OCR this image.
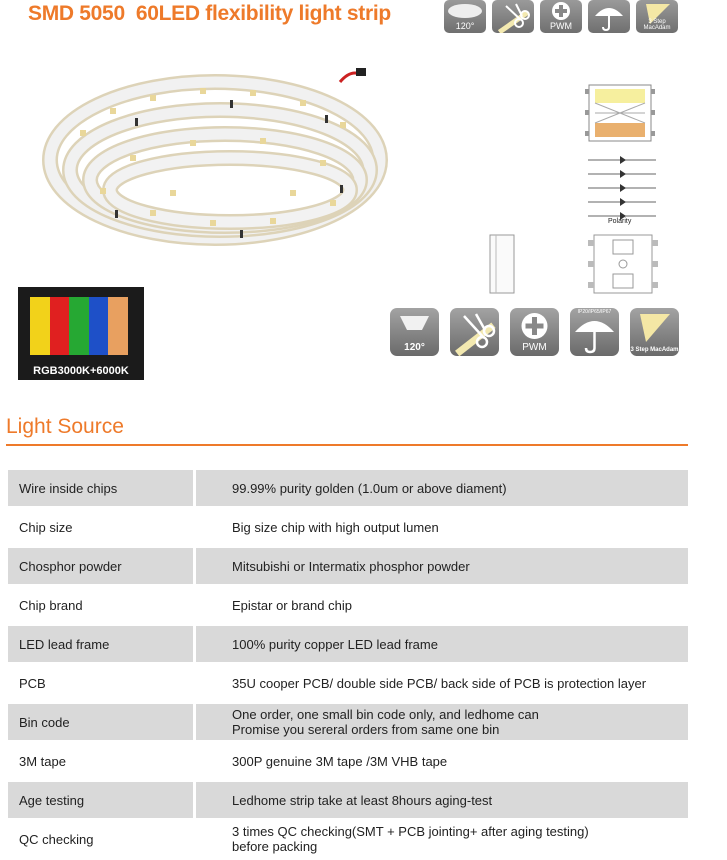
SMD 5050  60LED flexibility light strip
120°	PWM	3 Step MacAdam
RGB3000K+6000K
Polarity
120°	PWM
IP20/IP65/IP67
3 Step MacAdam
Light Source
Wire inside chips		99.99% purity golden (1.0um or above diament)
Chip size		Big size chip with high output lumen
Chosphor powder		Mitsubishi or Intermatix phosphor powder
Chip brand		Epistar or brand chip
LED lead frame		100% purity copper LED lead frame
PCB		35U cooper PCB/ double side PCB/ back side of PCB is protection layer
Bin code		One order, one small bin code only, and ledhome can
Promise you sereral orders from same one bin

3M tape		300P genuine 3M tape /3M VHB tape
Age testing		Ledhome strip take at least 8hours aging-test
QC checking		3 times QC checking(SMT + PCB jointing+ after aging testing)
before packing
